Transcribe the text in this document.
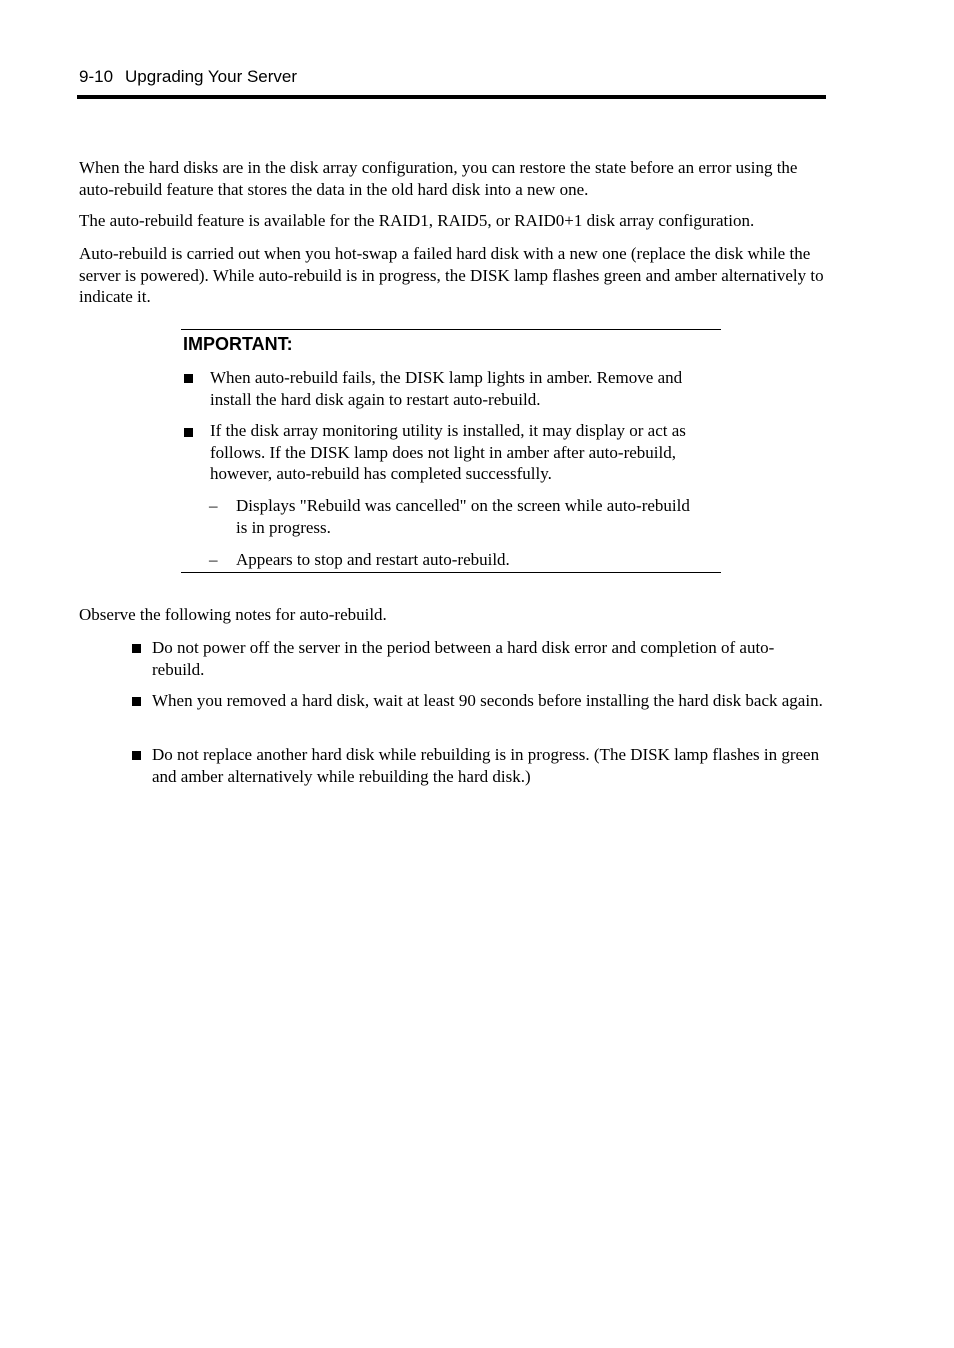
9-10 Upgrading Your Server

When the hard disks are in the disk array configuration, you can restore the state before an error using the auto-rebuild feature that stores the data in the old hard disk into a new one.

The auto-rebuild feature is available for the RAID1, RAID5, or RAID0+1 disk array configuration.

Auto-rebuild is carried out when you hot-swap a failed hard disk with a new one (replace the disk while the server is powered). While auto-rebuild is in progress, the DISK lamp flashes green and amber alternatively to indicate it.

IMPORTANT:

When auto-rebuild fails, the DISK lamp lights in amber. Remove and install the hard disk again to restart auto-rebuild.

If the disk array monitoring utility is installed, it may display or act as follows. If the DISK lamp does not light in amber after auto-rebuild, however, auto-rebuild has completed successfully.

– Displays "Rebuild was cancelled" on the screen while auto-rebuild is in progress.

– Appears to stop and restart auto-rebuild.

Observe the following notes for auto-rebuild.

Do not power off the server in the period between a hard disk error and completion of auto-rebuild.

When you removed a hard disk, wait at least 90 seconds before installing the hard disk back again.

Do not replace another hard disk while rebuilding is in progress. (The DISK lamp flashes in green and amber alternatively while rebuilding the hard disk.)
